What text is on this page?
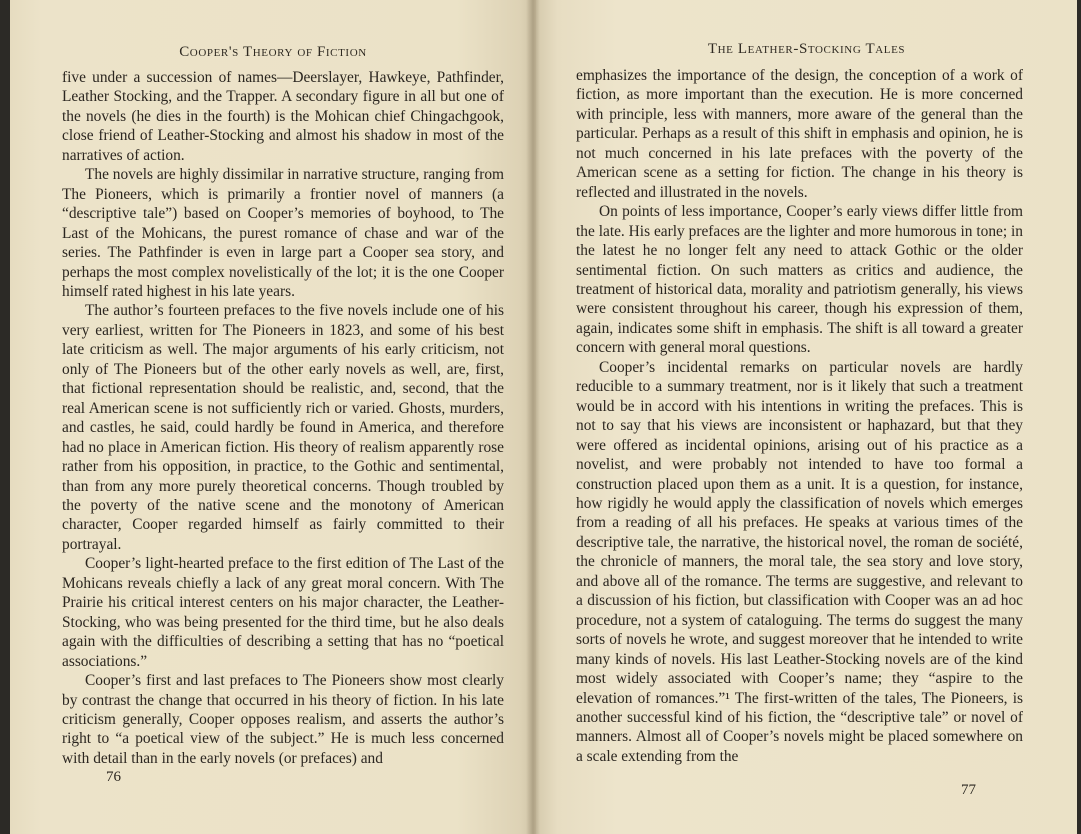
Cooper's Theory of Fiction

five under a succession of names—Deerslayer, Hawkeye, Pathfinder, Leather Stocking, and the Trapper. A secondary figure in all but one of the novels (he dies in the fourth) is the Mohican chief Chingachgook, close friend of Leather-Stocking and almost his shadow in most of the narratives of action.

The novels are highly dissimilar in narrative structure, ranging from The Pioneers, which is primarily a frontier novel of manners (a “descriptive tale”) based on Cooper’s memories of boyhood, to The Last of the Mohicans, the purest romance of chase and war of the series. The Pathfinder is even in large part a Cooper sea story, and perhaps the most complex novelistically of the lot; it is the one Cooper himself rated highest in his late years.

The author’s fourteen prefaces to the five novels include one of his very earliest, written for The Pioneers in 1823, and some of his best late criticism as well. The major arguments of his early criticism, not only of The Pioneers but of the other early novels as well, are, first, that fictional representation should be realistic, and, second, that the real American scene is not sufficiently rich or varied. Ghosts, murders, and castles, he said, could hardly be found in America, and therefore had no place in American fiction. His theory of realism apparently rose rather from his opposition, in practice, to the Gothic and sentimental, than from any more purely theoretical concerns. Though troubled by the poverty of the native scene and the monotony of American character, Cooper regarded himself as fairly committed to their portrayal.

Cooper’s light-hearted preface to the first edition of The Last of the Mohicans reveals chiefly a lack of any great moral concern. With The Prairie his critical interest centers on his major character, the Leather-Stocking, who was being presented for the third time, but he also deals again with the difficulties of describing a setting that has no “poetical associations.”

Cooper’s first and last prefaces to The Pioneers show most clearly by contrast the change that occurred in his theory of fiction. In his late criticism generally, Cooper opposes realism, and asserts the author’s right to “a poetical view of the subject.” He is much less concerned with detail than in the early novels (or prefaces) and

76
The Leather-Stocking Tales

emphasizes the importance of the design, the conception of a work of fiction, as more important than the execution. He is more concerned with principle, less with manners, more aware of the general than the particular. Perhaps as a result of this shift in emphasis and opinion, he is not much concerned in his late prefaces with the poverty of the American scene as a setting for fiction. The change in his theory is reflected and illustrated in the novels.

On points of less importance, Cooper’s early views differ little from the late. His early prefaces are the lighter and more humorous in tone; in the latest he no longer felt any need to attack Gothic or the older sentimental fiction. On such matters as critics and audience, the treatment of historical data, morality and patriotism generally, his views were consistent throughout his career, though his expression of them, again, indicates some shift in emphasis. The shift is all toward a greater concern with general moral questions.

Cooper’s incidental remarks on particular novels are hardly reducible to a summary treatment, nor is it likely that such a treatment would be in accord with his intentions in writing the prefaces. This is not to say that his views are inconsistent or haphazard, but that they were offered as incidental opinions, arising out of his practice as a novelist, and were probably not intended to have too formal a construction placed upon them as a unit. It is a question, for instance, how rigidly he would apply the classification of novels which emerges from a reading of all his prefaces. He speaks at various times of the descriptive tale, the narrative, the historical novel, the roman de société, the chronicle of manners, the moral tale, the sea story and love story, and above all of the romance. The terms are suggestive, and relevant to a discussion of his fiction, but classification with Cooper was an ad hoc procedure, not a system of cataloguing. The terms do suggest the many sorts of novels he wrote, and suggest moreover that he intended to write many kinds of novels. His last Leather-Stocking novels are of the kind most widely associated with Cooper’s name; they “aspire to the elevation of romances.”¹ The first-written of the tales, The Pioneers, is another successful kind of his fiction, the “descriptive tale” or novel of manners. Almost all of Cooper’s novels might be placed somewhere on a scale extending from the

77
